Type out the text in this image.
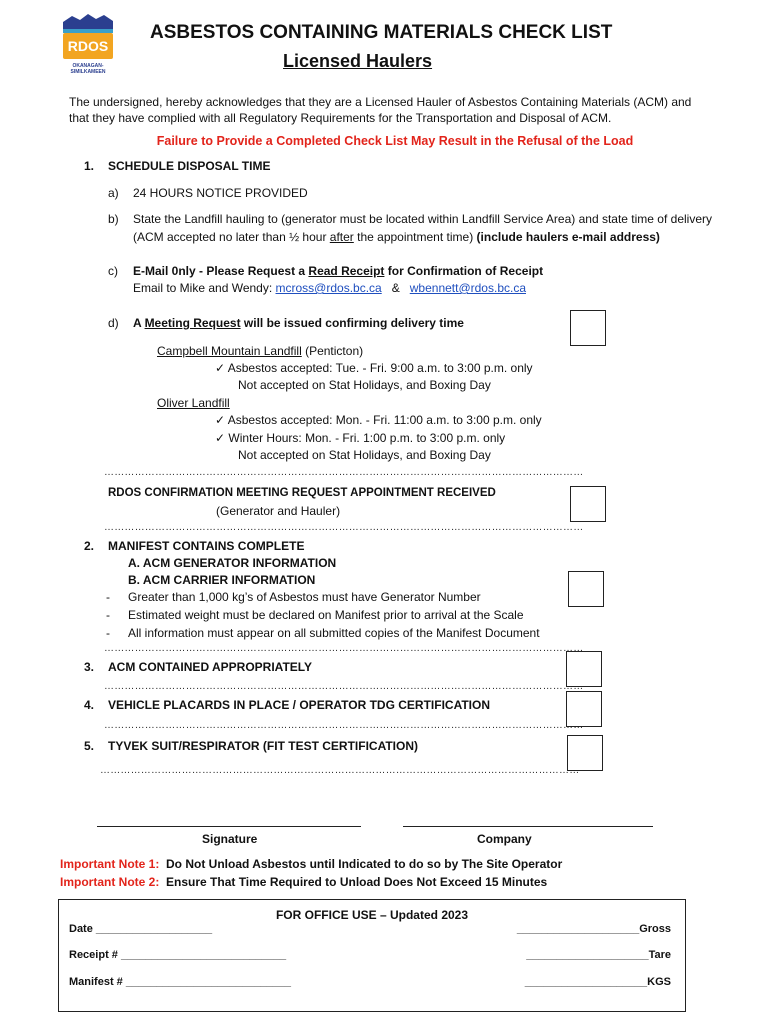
RDOS
OKANAGAN-
SIMILKAMEEN
ASBESTOS CONTAINING MATERIALS CHECK LIST
Licensed Haulers
The undersigned, hereby acknowledges that they are a Licensed Hauler of Asbestos Containing Materials (ACM) and
that they have complied with all Regulatory Requirements for the Transportation and Disposal of ACM.
Failure to Provide a Completed Check List May Result in the Refusal of the Load
1. SCHEDULE DISPOSAL TIME
a) 24 HOURS NOTICE PROVIDED
b) State the Landfill hauling to (generator must be located within Landfill Service Area) and state time of delivery
(ACM accepted no later than ½ hour after the appointment time) (include haulers e-mail address)
c) E-Mail 0nly - Please Request a Read Receipt for Confirmation of Receipt
Email to Mike and Wendy: mcross@rdos.bc.ca   &   wbennett@rdos.bc.ca
d) A Meeting Request will be issued confirming delivery time
Campbell Mountain Landfill (Penticton)
✓ Asbestos accepted: Tue. - Fri. 9:00 a.m. to 3:00 p.m. only
Not accepted on Stat Holidays, and Boxing Day
Oliver Landfill
✓ Asbestos accepted: Mon. - Fri. 11:00 a.m. to 3:00 p.m. only
✓ Winter Hours: Mon. - Fri. 1:00 p.m. to 3:00 p.m. only
Not accepted on Stat Holidays, and Boxing Day
……………………………………………………………………………………………………………………………
RDOS CONFIRMATION MEETING REQUEST APPOINTMENT RECEIVED
(Generator and Hauler)
……………………………………………………………………………………………………………………………
2. MANIFEST CONTAINS COMPLETE
A. ACM GENERATOR INFORMATION
B. ACM CARRIER INFORMATION
- Greater than 1,000 kg’s of Asbestos must have Generator Number
- Estimated weight must be declared on Manifest prior to arrival at the Scale
- All information must appear on all submitted copies of the Manifest Document
……………………………………………………………………………………………………………………………
3. ACM CONTAINED APPROPRIATELY
……………………………………………………………………………………………………………………………
4. VEHICLE PLACARDS IN PLACE / OPERATOR TDG CERTIFICATION
……………………………………………………………………………………………………………………………
5. TYVEK SUIT/RESPIRATOR (FIT TEST CERTIFICATION)
……………………………………………………………………………………………………………………………
Signature	Company
Important Note 1:  Do Not Unload Asbestos until Indicated to do so by The Site Operator
Important Note 2:  Ensure That Time Required to Unload Does Not Exceed 15 Minutes
FOR OFFICE USE – Updated 2023
Date ___________________
Receipt # ___________________________
Manifest # ___________________________
____________________Gross
____________________Tare
____________________KGS
